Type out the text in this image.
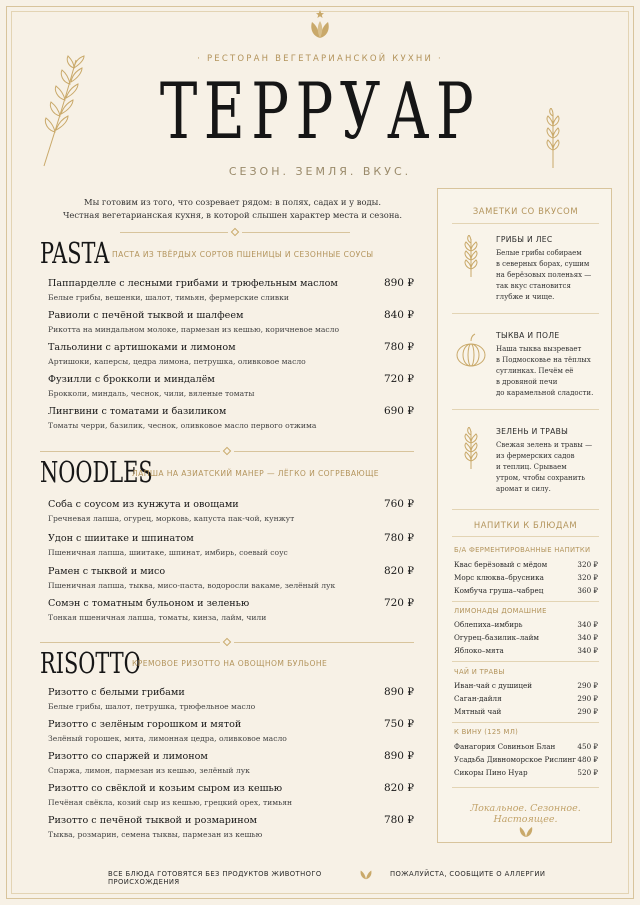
· РЕСТОРАН ВЕГЕТАРИАНСКОЙ КУХНИ ·
ТЕРРУАР
СЕЗОН. ЗЕМЛЯ. ВКУС.
Мы готовим из того, что созревает рядом: в полях, садах и у воды.
Честная вегетарианская кухня, в которой слышен характер места и сезона.
PASTA ПАСТА ИЗ ТВЁРДЫХ СОРТОВ ПШЕНИЦЫ И СЕЗОННЫЕ СОУСЫ
Паппарделле с лесными грибами и трюфельным маслом
Белые грибы, вешенки, шалот, тимьян, фермерские сливки
890 ₽
Равиоли с печёной тыквой и шалфеем
Рикотта на миндальном молоке, пармезан из кешью, коричневое масло
840 ₽
Тальолини с артишоками и лимоном
Артишоки, каперсы, цедра лимона, петрушка, оливковое масло
780 ₽
Фузилли с брокколи и миндалём
Брокколи, миндаль, чеснок, чили, вяленые томаты
720 ₽
Лингвини с томатами и базиликом
Томаты черри, базилик, чеснок, оливковое масло первого отжима
690 ₽
NOODLES
ЛАПША НА АЗИАТСКИЙ МАНЕР — ЛЁГКО И СОГРЕВАЮЩЕ
Соба с соусом из кунжута и овощами
Гречневая лапша, огурец, морковь, капуста пак-чой, кунжут
760 ₽
Удон с шиитаке и шпинатом
Пшеничная лапша, шиитаке, шпинат, имбирь, соевый соус
780 ₽
Рамен с тыквой и мисо
Пшеничная лапша, тыква, мисо-паста, водоросли вакаме, зелёный лук
820 ₽
Сомэн с томатным бульоном и зеленью
Тонкая пшеничная лапша, томаты, кинза, лайм, чили
720 ₽
RISOTTO
КРЕМОВОЕ РИЗОТТО НА ОВОЩНОМ БУЛЬОНЕ
Ризотто с белыми грибами
Белые грибы, шалот, петрушка, трюфельное масло
890 ₽
Ризотто с зелёным горошком и мятой
Зелёный горошек, мята, лимонная цедра, оливковое масло
750 ₽
Ризотто со спаржей и лимоном
Спаржа, лимон, пармезан из кешью, зелёный лук
890 ₽
Ризотто со свёклой и козьим сыром из кешью
Печёная свёкла, козий сыр из кешью, грецкий орех, тимьян
820 ₽
Ризотто с печёной тыквой и розмарином
Тыква, розмарин, семена тыквы, пармезан из кешью
780 ₽
ЗАМЕТКИ СО ВКУСОМ
ГРИБЫ И ЛЕС
Белые грибы собираем
в северных борах, сушим
на берёзовых поленьях —
так вкус становится
глубже и чище.
ТЫКВА И ПОЛЕ
Наша тыква вызревает
в Подмосковье на тёплых
суглинках. Печём её
в дровяной печи
до карамельной сладости.
ЗЕЛЕНЬ И ТРАВЫ
Свежая зелень и травы —
из фермерских садов
и теплиц. Срываем
утром, чтобы сохранить
аромат и силу.
НАПИТКИ К БЛЮДАМ
Б/А ФЕРМЕНТИРОВАННЫЕ НАПИТКИ
Квас берёзовый с мёдом	320 ₽
Морс клюква–брусника	320 ₽
Комбуча груша–чабрец	360 ₽
ЛИМОНАДЫ ДОМАШНИЕ
Облепиха–имбирь	340 ₽
Огурец–базилик–лайм	340 ₽
Яблоко–мята	340 ₽
ЧАЙ И ТРАВЫ
Иван-чай с душицей	290 ₽
Саган-дайля	290 ₽
Мятный чай	290 ₽
К ВИНУ (125 МЛ)
Фанагория Совиньон Блан	450 ₽
Усадьба Дивноморское Рислинг 480 ₽
Сикоры Пино Нуар	520 ₽
Локальное. Сезонное. Настоящее.
ВСЕ БЛЮДА ГОТОВЯТСЯ БЕЗ ПРОДУКТОВ ЖИВОТНОГО ПРОИСХОЖДЕНИЯ
ПОЖАЛУЙСТА, СООБЩИТЕ О АЛЛЕРГИИ
